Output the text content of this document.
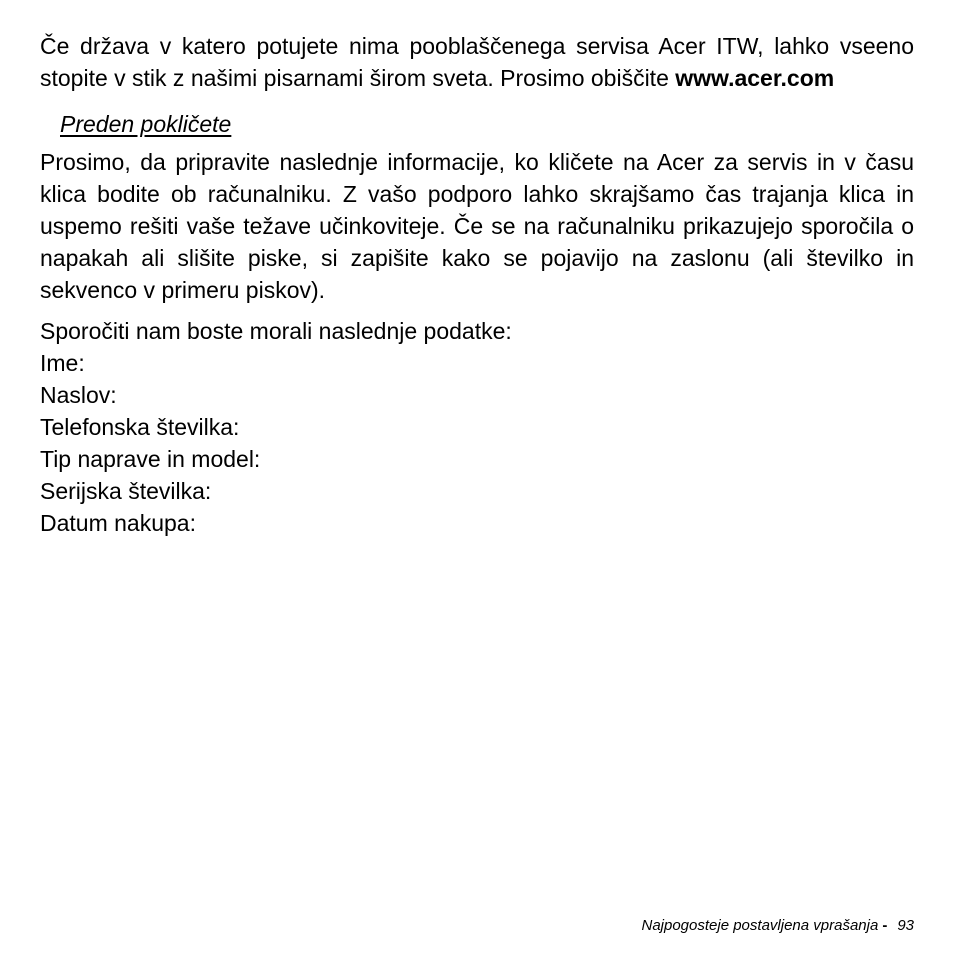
Če država v katero potujete nima pooblaščenega servisa Acer ITW, lahko vseeno stopite v stik z našimi pisarnami širom sveta. Prosimo obiščite www.acer.com

Preden pokličete

Prosimo, da pripravite naslednje informacije, ko kličete na Acer za servis in v času klica bodite ob računalniku. Z vašo podporo lahko skrajšamo čas trajanja klica in uspemo rešiti vaše težave učinkoviteje. Če se na računalniku prikazujejo sporočila o napakah ali slišite piske, si zapišite kako se pojavijo na zaslonu (ali številko in sekvenco v primeru piskov).

Sporočiti nam boste morali naslednje podatke:

Ime:
Naslov:
Telefonska številka:
Tip naprave in model:
Serijska številka:
Datum nakupa:
Najpogosteje postavljena vprašanja - 93
